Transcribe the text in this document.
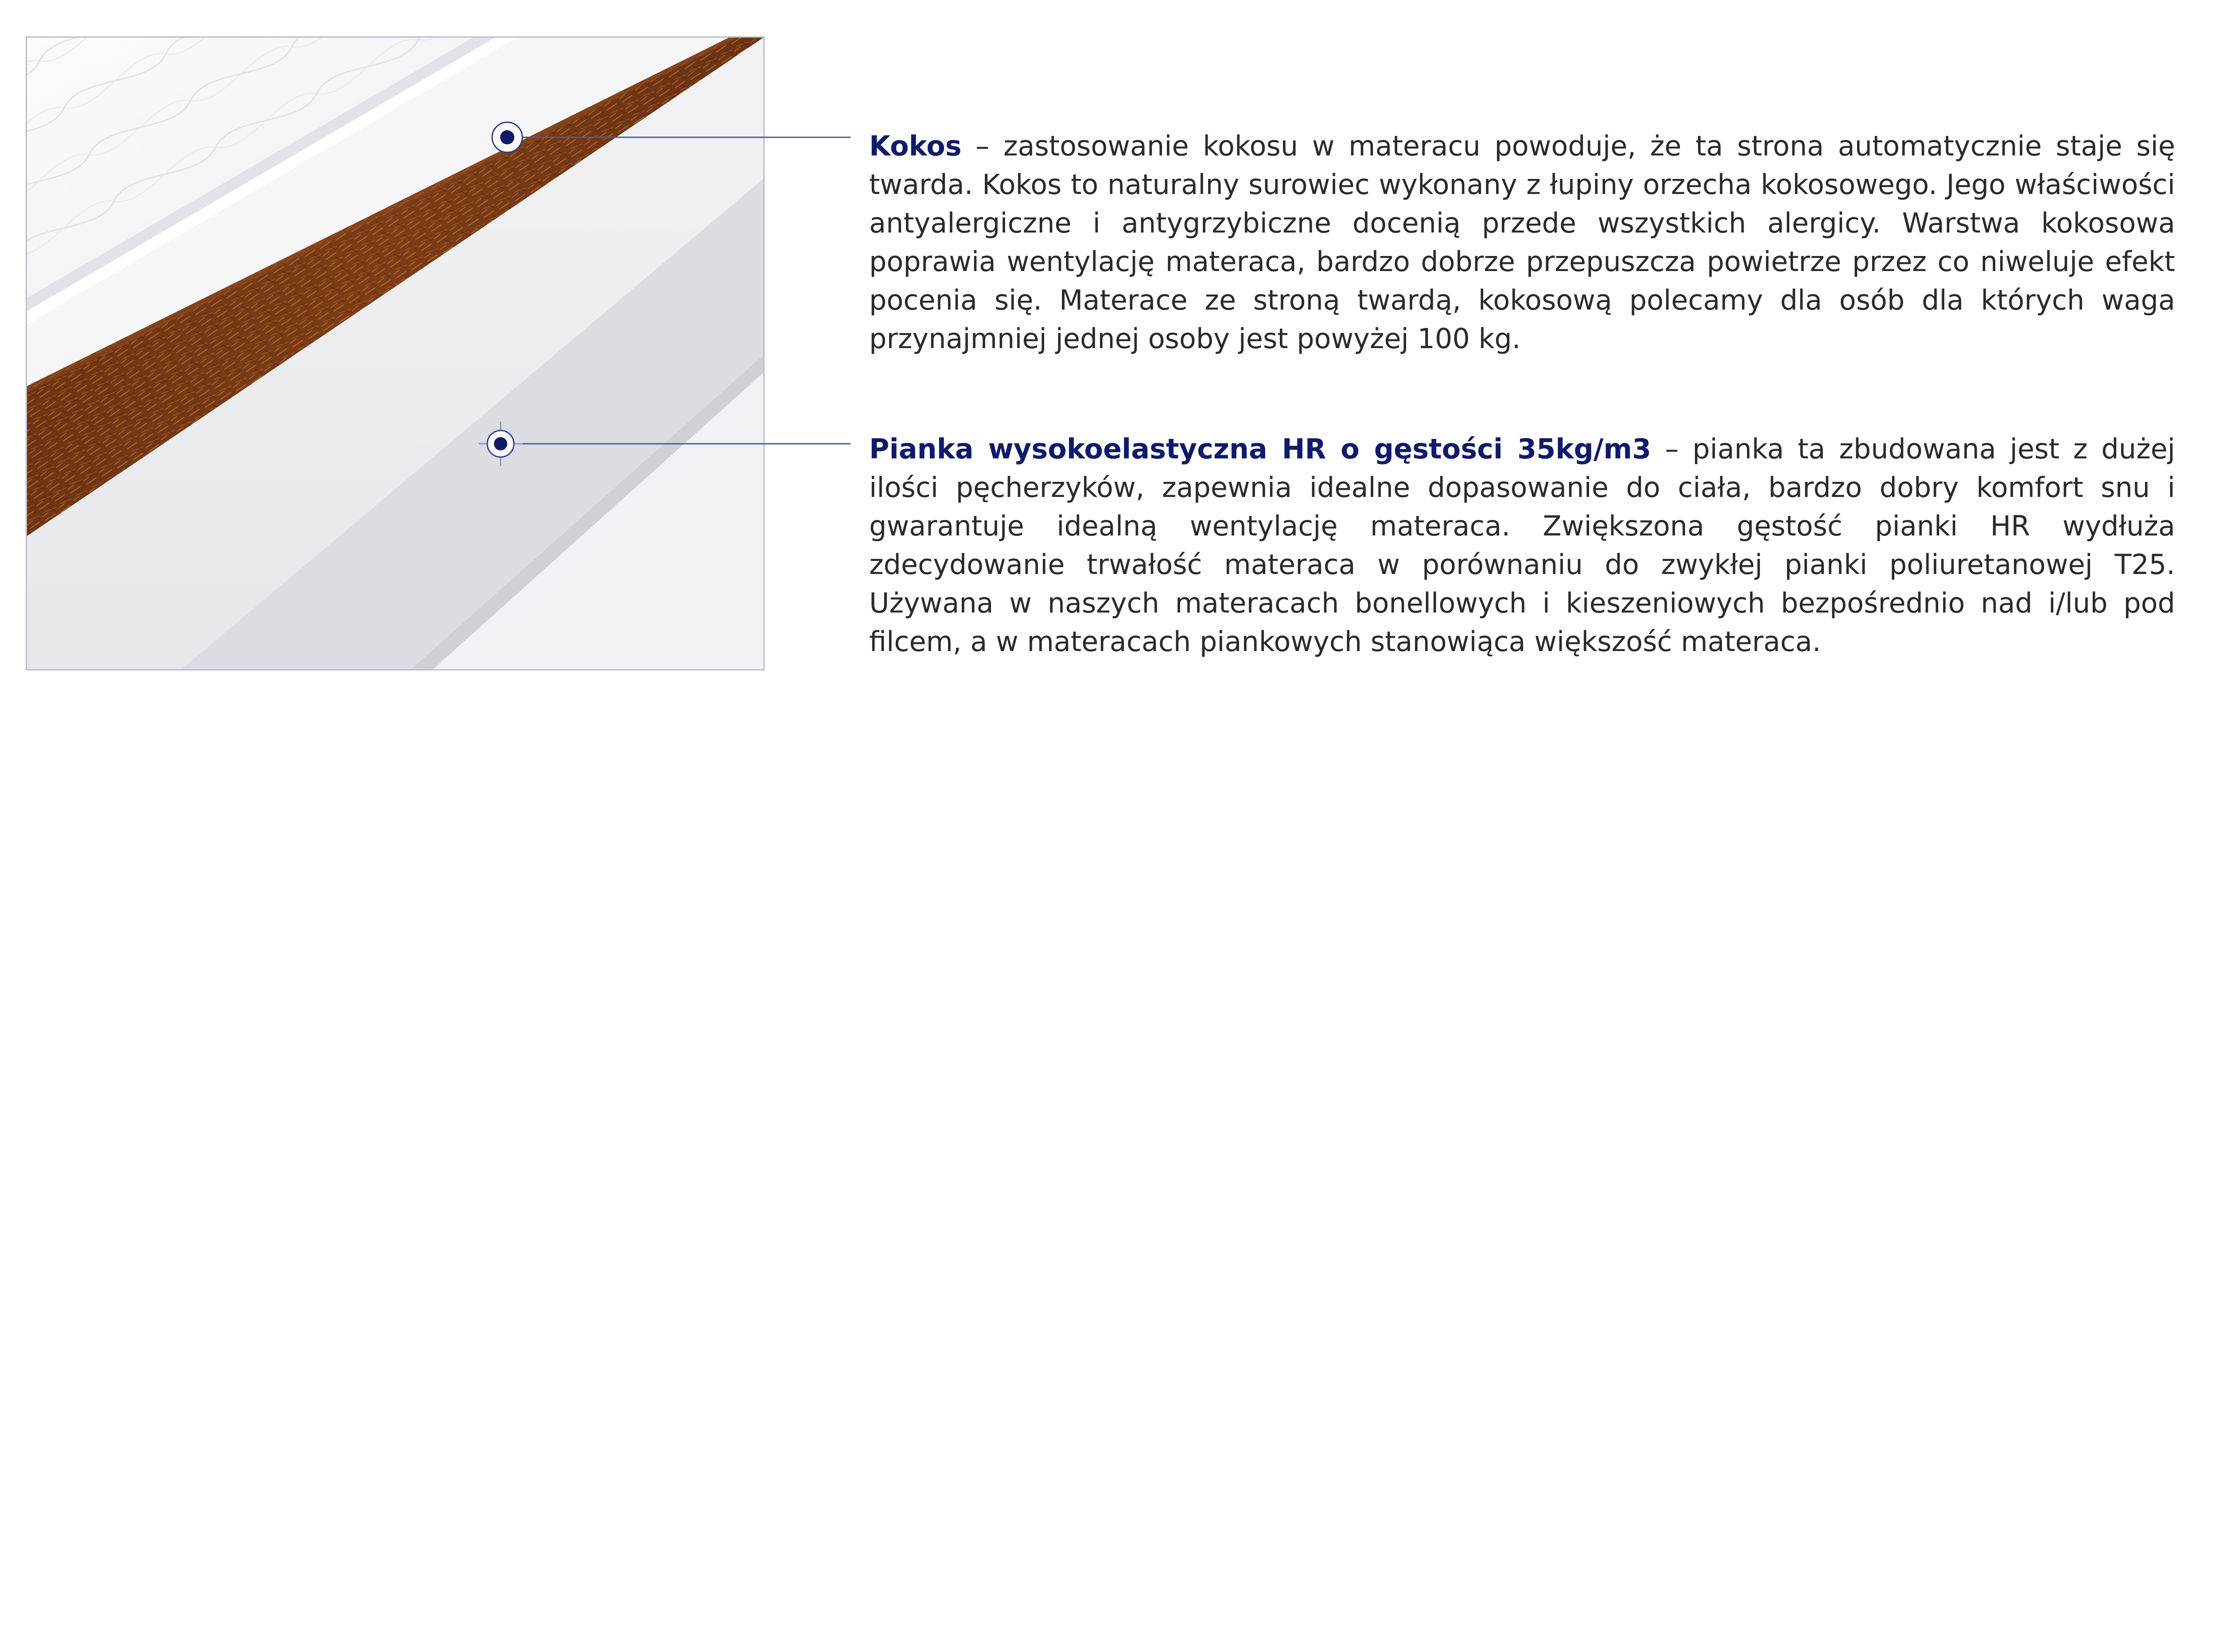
Kokos – zastosowanie kokosu w materacu powoduje, że ta strona automatycznie staje się twarda. Kokos to naturalny surowiec wykonany z łupiny orzecha kokosowego. Jego właściwości antyalergiczne i antygrzybiczne docenią przede wszystkich alergicy. Warstwa kokosowa poprawia wentylację materaca, bardzo dobrze przepuszcza powietrze przez co niweluje efekt pocenia się. Materace ze stroną twardą, kokosową polecamy dla osób dla których waga przynajmniej jednej osoby jest powyżej 100 kg.

Pianka wysokoelastyczna HR o gęstości 35kg/m3 – pianka ta zbudowana jest z dużej ilości pęcherzyków, zapewnia idealne dopasowanie do ciała, bardzo dobry komfort snu i gwarantuje idealną wentylację materaca. Zwiększona gęstość pianki HR wydłuża zdecydowanie trwałość materaca w porównaniu do zwykłej pianki poliuretanowej T25. Używana w naszych materacach bonellowych i kieszeniowych bezpośrednio nad i/lub pod filcem, a w materacach piankowych stanowiąca większość materaca.
